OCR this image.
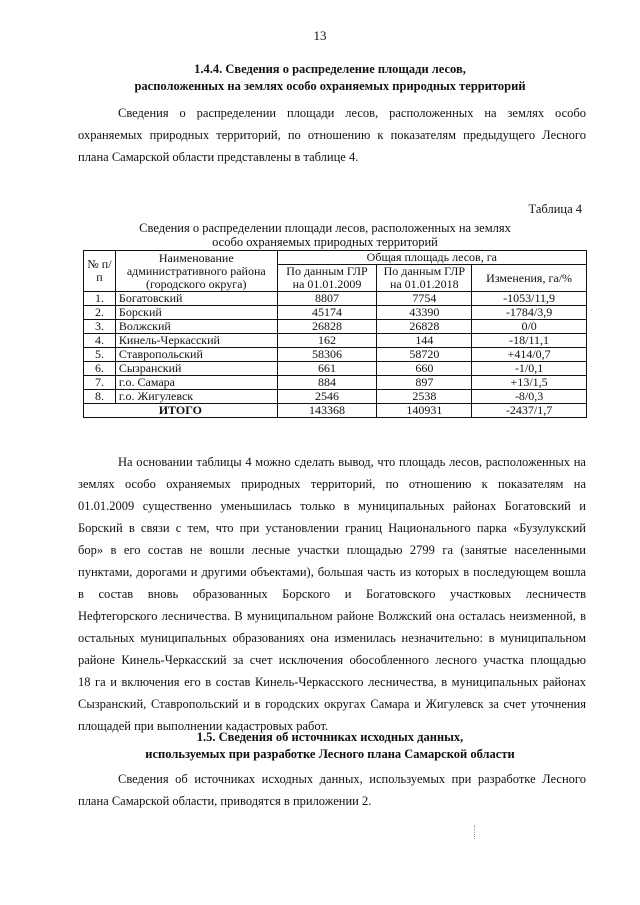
13
1.4.4. Сведения о распределение площади лесов,
расположенных на землях особо охраняемых природных территорий
Сведения о распределении площади лесов, расположенных на землях особо
охраняемых природных территорий, по отношению к показателям предыдущего Лесного
плана Самарской области представлены в таблице 4.
Таблица 4
Сведения о распределении площади лесов, расположенных на землях
особо охраняемых природных территорий
№ п/п	Наименование административного района (городского округа)	Общая площадь лесов, га		
		По данным ГЛР на 01.01.2009	По данным ГЛР на 01.01.2018	Изменения, га/%
1.	Богатовский	8807	7754	-1053/11,9
2.	Борский	45174	43390	-1784/3,9
3.	Волжский	26828	26828	0/0
4.	Кинель-Черкасский	162	144	-18/11,1
5.	Ставропольский	58306	58720	+414/0,7
6.	Сызранский	661	660	-1/0,1
7.	г.о. Самара	884	897	+13/1,5
8.	г.о. Жигулевск	2546	2538	-8/0,3
ИТОГО		143368	140931	-2437/1,7
На основании таблицы 4 можно сделать вывод, что площадь лесов, расположенных на
землях особо охраняемых природных территорий, по отношению к показателям на
01.01.2009 существенно уменьшилась только в муниципальных районах Богатовский и
Борский в связи с тем, что при установлении границ Национального парка «Бузулукский
бор» в его состав не вошли лесные участки площадью 2799 га (занятые населенными
пунктами, дорогами и другими объектами), большая часть из которых в последующем вошла
в состав вновь образованных Борского и Богатовского участковых лесничеств
Нефтегорского лесничества. В муниципальном районе Волжский она осталась неизменной, в
остальных муниципальных образованиях она изменилась незначительно: в муниципальном
районе Кинель-Черкасский за счет исключения обособленного лесного участка площадью
18 га и включения его в состав Кинель-Черкасского лесничества, в муниципальных районах
Сызранский, Ставропольский и в городских округах Самара и Жигулевск за счет уточнения
площадей при выполнении кадастровых работ.
1.5. Сведения об источниках исходных данных,
используемых при разработке Лесного плана Самарской области
Сведения об источниках исходных данных, используемых при разработке Лесного
плана Самарской области, приводятся в приложении 2.
